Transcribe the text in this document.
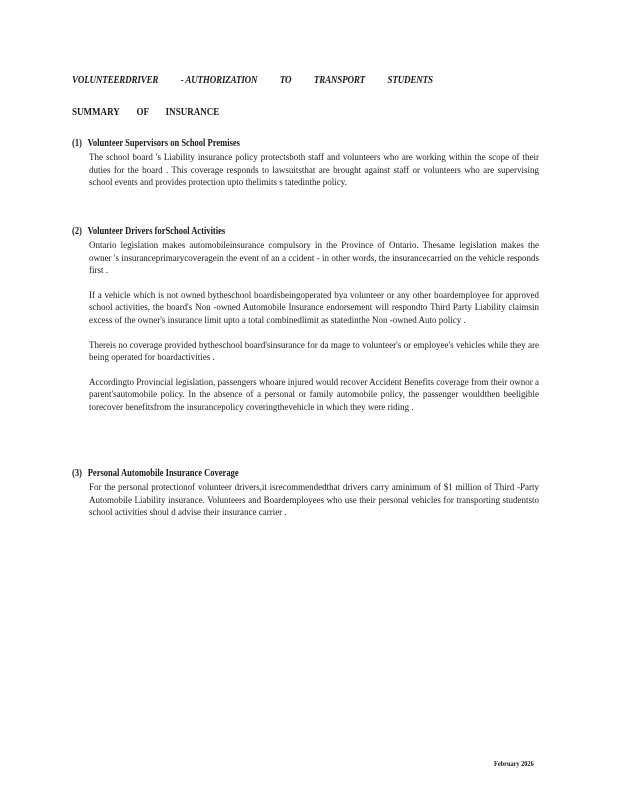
VOLUNTEERDRIVER - AUTHORIZATION TO TRANSPORT STUDENTS
SUMMARY OF INSURANCE
(1) Volunteer Supervisors on School Premises
The school board 's Liability insurance policy protectsboth staff and volunteers who are working within the scope of their duties for the board . This coverage responds to lawsuitsthat are brought against staff or volunteers who are supervising school events and provides protection upto thelimits s tatedinthe policy.
(2) Volunteer Drivers forSchool Activities
Ontario legislation makes automobileinsurance compulsory in the Province of Ontario. Thesame legislation makes the owner 's insuranceprimarycoveragein the event of an a ccident - in other words, the insurancecarried on the vehicle responds first .
If a vehicle which is not owned bytheschool boardisbeingoperated bya volunteer or any other boardemployee for approved school activities, the board's Non -owned Automobile Insurance endorsement will respondto Third Party Liability claimsin excess of the owner's insurance limit upto a total combinedlimit as statedinthe Non -owned Auto policy .
Thereis no coverage provided bytheschool board'sinsurance for da mage to volunteer's or employee's vehicles while they are being operated for boardactivities .
Accordingto Provincial legislation, passengers whoare injured would recover Accident Benefits coverage from their ownor a parent'sautomobile policy. In the absence of a personal or family automobile policy, the passenger wouldthen beeligible torecover benefitsfrom the insurancepolicy coveringthevehicle in which they were riding .
(3) Personal Automobile Insurance Coverage
For the personal protectionof volunteer drivers,it isrecommendedthat drivers carry aminimum of $1 million of Third -Party Automobile Liability insurance. Volunteers and Boardemployees who use their personal vehicles for transporting studentsto school activities shoul d advise their insurance carrier .
February 2026
